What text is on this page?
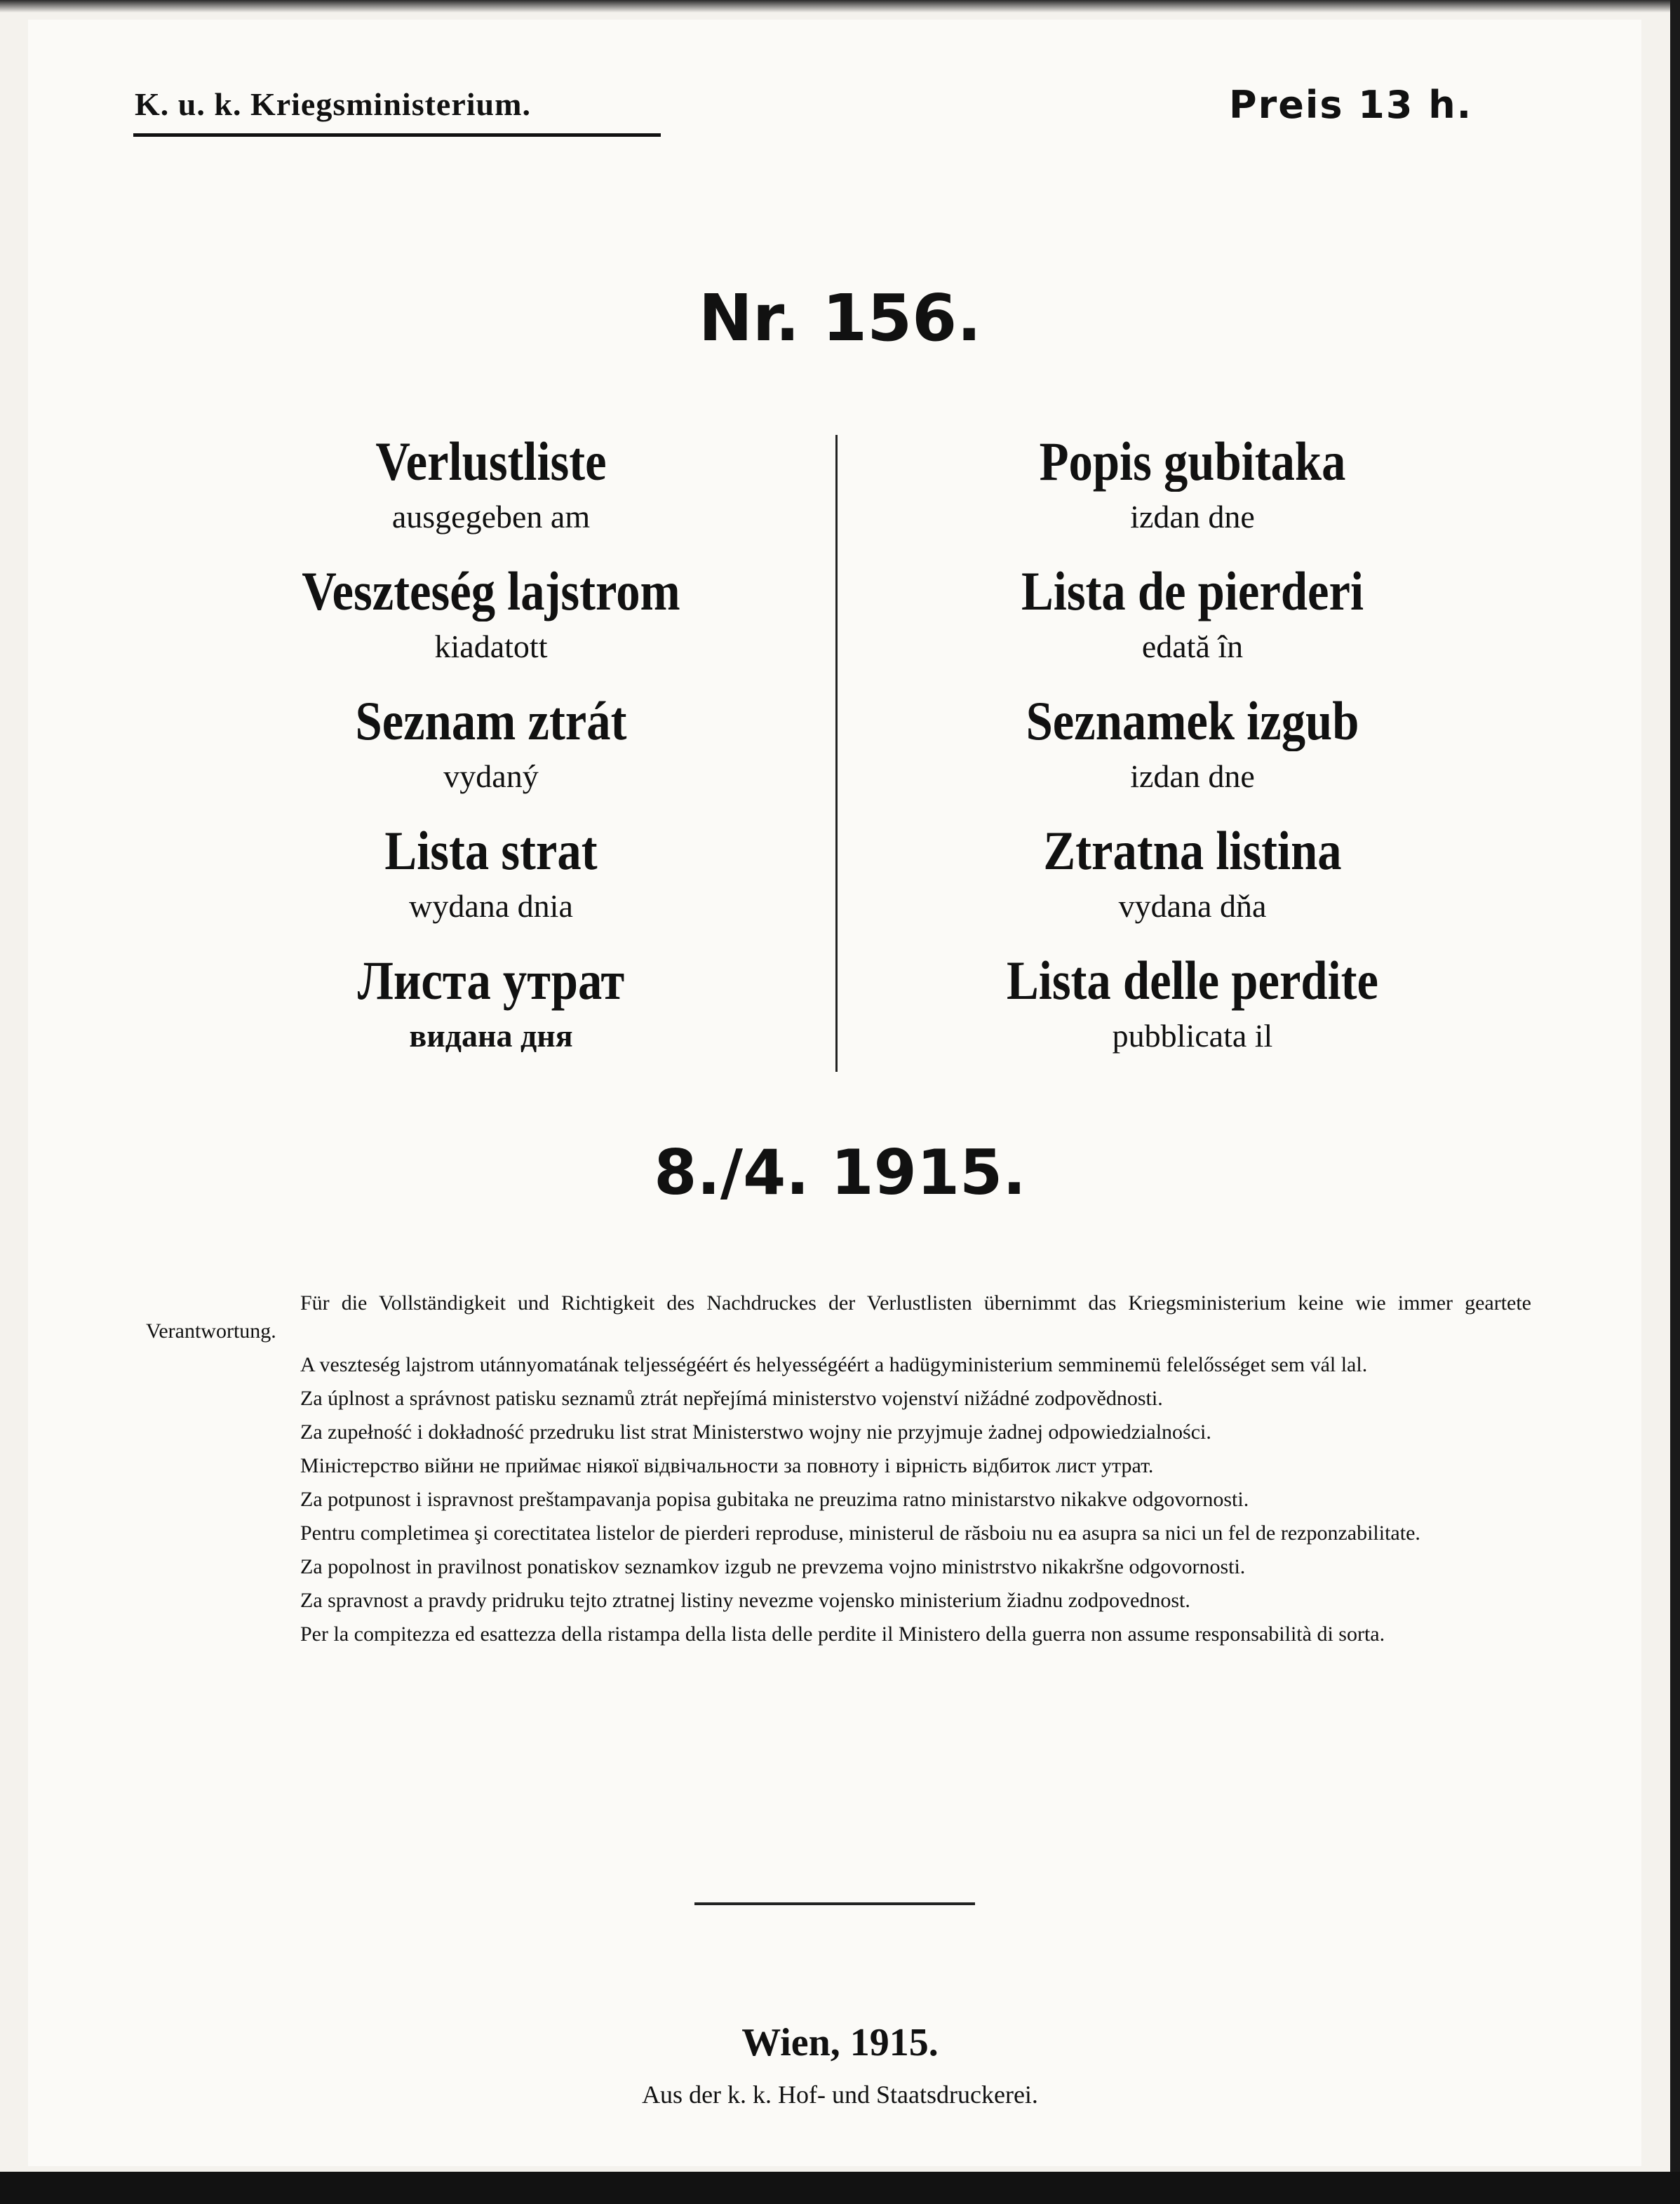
K. u. k. Kriegsministerium.	Preis 13 h.
Nr. 156.
Verlustliste
ausgegeben am
Veszteség lajstrom
kiadatott
Seznam ztrát
vydaný
Lista strat
wydana dnia
Листа утрат
видана дня
Popis gubitaka
izdan dne
Lista de pierderi
edată în
Seznamek izgub
izdan dne
Ztratna listina
vydana dňa
Lista delle perdite
pubblicata il
8./4. 1915.

Für die Vollständigkeit und Richtigkeit des Nachdruckes der Verlustlisten übernimmt das Kriegsministerium keine wie immer geartete Verantwortung.

A veszteség lajstrom utánnyomatának teljességéért és helyességéért a hadügyministerium semminemü felelősséget sem vál lal.

Za úplnost a správnost patisku seznamů ztrát nepřejímá ministerstvo vojenství nižádné zodpovědnosti.

Za zupełność i dokładność przedruku list strat Ministerstwo wojny nie przyjmuje żadnej odpowiedzialności.

Міністерство війни не приймає ніякої відвічальности за повноту і вірність відбиток лист утрат.

Za potpunost i ispravnost preštampavanja popisa gubitaka ne preuzima ratno ministarstvo nikakve odgovornosti.

Pentru completimea şi corectitatea listelor de pierderi reproduse, ministerul de răsboiu nu ea asupra sa nici un fel de rezponzabilitate.

Za popolnost in pravilnost ponatiskov seznamkov izgub ne prevzema vojno ministrstvo nikakršne odgovornosti.

Za spravnost a pravdy pridruku tejto ztratnej listiny nevezme vojensko ministerium žiadnu zodpovednost.

Per la compitezza ed esattezza della ristampa della lista delle perdite il Ministero della guerra non assume responsabilità di sorta.

Wien, 1915.
Aus der k. k. Hof- und Staatsdruckerei.
